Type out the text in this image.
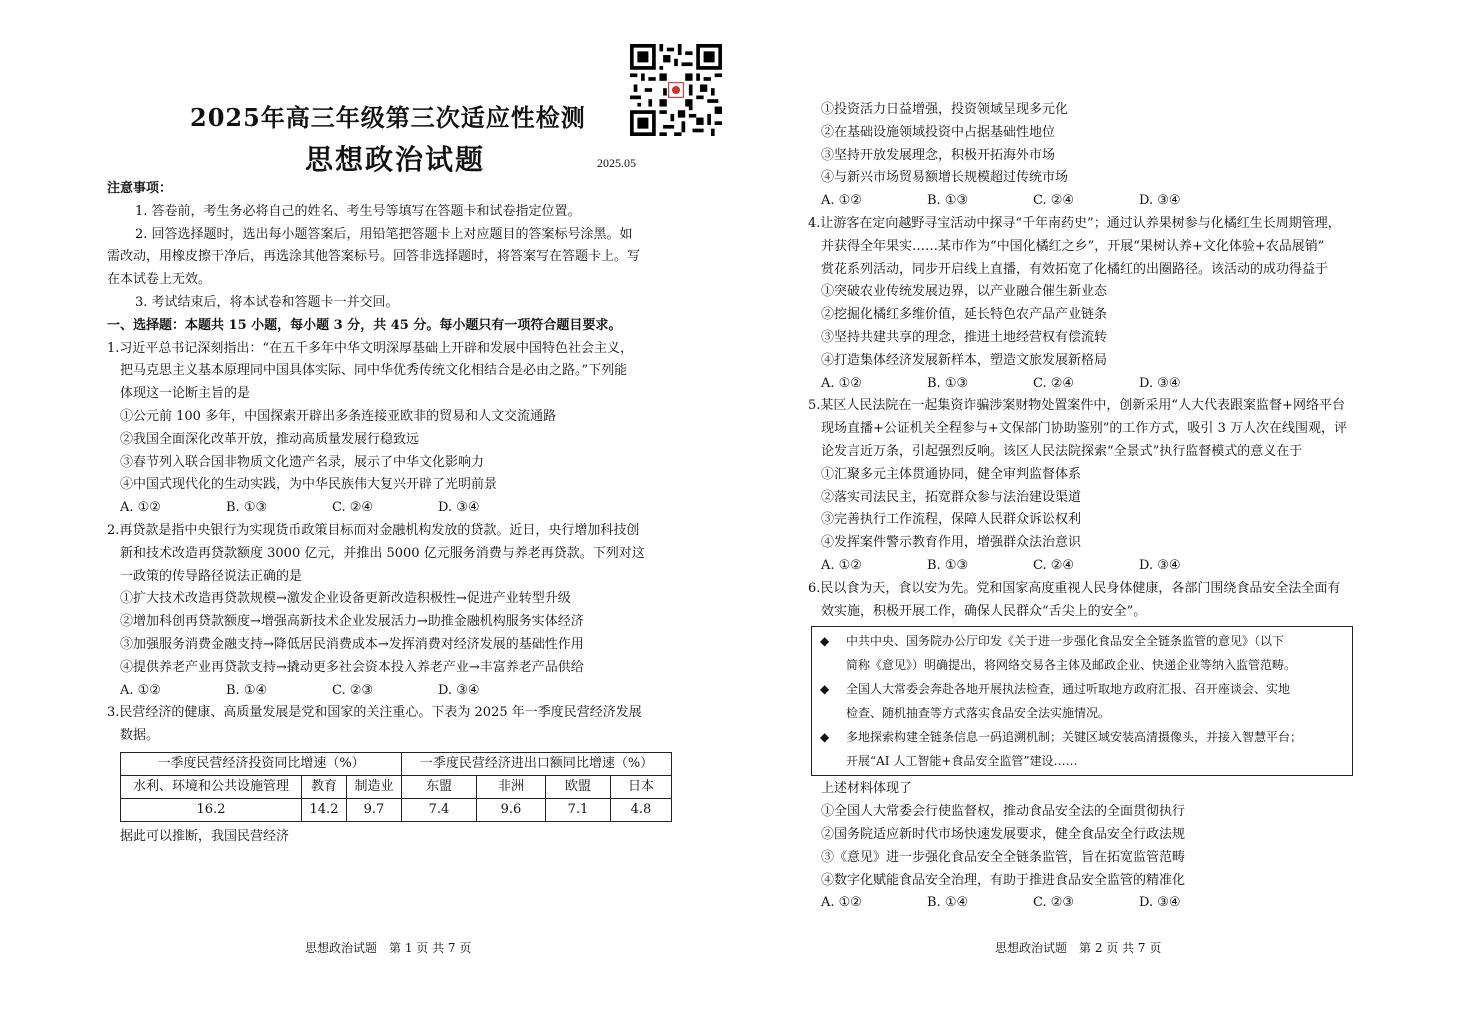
2025年高三年级第三次适应性检测
思想政治试题	2025.05
注意事项：
1. 答卷前，考生务必将自己的姓名、考生号等填写在答题卡和试卷指定位置。
2. 回答选择题时，选出每小题答案后，用铅笔把答题卡上对应题目的答案标号涂黑。如
需改动，用橡皮擦干净后，再选涂其他答案标号。回答非选择题时，将答案写在答题卡上。写
在本试卷上无效。
3. 考试结束后，将本试卷和答题卡一并交回。
一、选择题：本题共 15 小题，每小题 3 分，共 45 分。每小题只有一项符合题目要求。
1.习近平总书记深刻指出：“在五千多年中华文明深厚基础上开辟和发展中国特色社会主义，
把马克思主义基本原理同中国具体实际、同中华优秀传统文化相结合是必由之路。”下列能
体现这一论断主旨的是
①公元前 100 多年，中国探索开辟出多条连接亚欧非的贸易和人文交流通路
②我国全面深化改革开放，推动高质量发展行稳致远
③春节列入联合国非物质文化遗产名录，展示了中华文化影响力
④中国式现代化的生动实践，为中华民族伟大复兴开辟了光明前景
A. ①②	B. ①③	C. ②④	D. ③④
2.再贷款是指中央银行为实现货币政策目标而对金融机构发放的贷款。近日，央行增加科技创
新和技术改造再贷款额度 3000 亿元，并推出 5000 亿元服务消费与养老再贷款。下列对这
一政策的传导路径说法正确的是
①扩大技术改造再贷款规模→激发企业设备更新改造积极性→促进产业转型升级
②增加科创再贷款额度→增强高新技术企业发展活力→助推金融机构服务实体经济
③加强服务消费金融支持→降低居民消费成本→发挥消费对经济发展的基础性作用
④提供养老产业再贷款支持→撬动更多社会资本投入养老产业→丰富养老产品供给
A. ①②	B. ①④	C. ②③	D. ③④
3.民营经济的健康、高质量发展是党和国家的关注重心。下表为 2025 年一季度民营经济发展
数据。
一季度民营经济投资同比增速（%）			一季度民营经济进出口额同比增速（%）			
水利、环境和公共设施管理	教育	制造业	东盟	非洲	欧盟	日本
16.2	14.2	9.7	7.4	9.6	7.1	4.8
据此可以推断，我国民营经济
①投资活力日益增强，投资领域呈现多元化
②在基础设施领域投资中占据基础性地位
③坚持开放发展理念，积极开拓海外市场
④与新兴市场贸易额增长规模超过传统市场
A. ①②	B. ①③	C. ②④	D. ③④
4.让游客在定向越野寻宝活动中探寻“千年南药史”；通过认养果树参与化橘红生长周期管理，
并获得全年果实……某市作为“中国化橘红之乡”，开展“果树认养+文化体验+农品展销”
赏花系列活动，同步开启线上直播，有效拓宽了化橘红的出圈路径。该活动的成功得益于
①突破农业传统发展边界，以产业融合催生新业态
②挖掘化橘红多维价值，延长特色农产品产业链条
③坚持共建共享的理念，推进土地经营权有偿流转
④打造集体经济发展新样本，塑造文旅发展新格局
A. ①②	B. ①③	C. ②④	D. ③④
5.某区人民法院在一起集资诈骗涉案财物处置案件中，创新采用“人大代表跟案监督+网络平台
现场直播+公证机关全程参与+文保部门协助鉴别”的工作方式，吸引 3 万人次在线围观，评
论发言近万条，引起强烈反响。该区人民法院探索“全景式”执行监督模式的意义在于
①汇聚多元主体贯通协同，健全审判监督体系
②落实司法民主，拓宽群众参与法治建设渠道
③完善执行工作流程，保障人民群众诉讼权利
④发挥案件警示教育作用，增强群众法治意识
A. ①②	B. ①③	C. ②④	D. ③④
6.民以食为天，食以安为先。党和国家高度重视人民身体健康，各部门围绕食品安全法全面有
效实施，积极开展工作，确保人民群众“舌尖上的安全”。
◆	中共中央、国务院办公厅印发《关于进一步强化食品安全全链条监管的意见》（以下
简称《意见》）明确提出，将网络交易各主体及邮政企业、快递企业等纳入监管范畴。
◆	全国人大常委会奔赴各地开展执法检查，通过听取地方政府汇报、召开座谈会、实地
检查、随机抽查等方式落实食品安全法实施情况。
◆	多地探索构建全链条信息一码追溯机制；关键区域安装高清摄像头，并接入智慧平台；
开展“AI 人工智能+食品安全监管”建设……
上述材料体现了
①全国人大常委会行使监督权，推动食品安全法的全面贯彻执行
②国务院适应新时代市场快速发展要求，健全食品安全行政法规
③《意见》进一步强化食品安全全链条监管，旨在拓宽监管范畴
④数字化赋能食品安全治理，有助于推进食品安全监管的精准化
A. ①②	B. ①④	C. ②③	D. ③④
思想政治试题　第 1 页 共 7 页	思想政治试题　第 2 页 共 7 页
